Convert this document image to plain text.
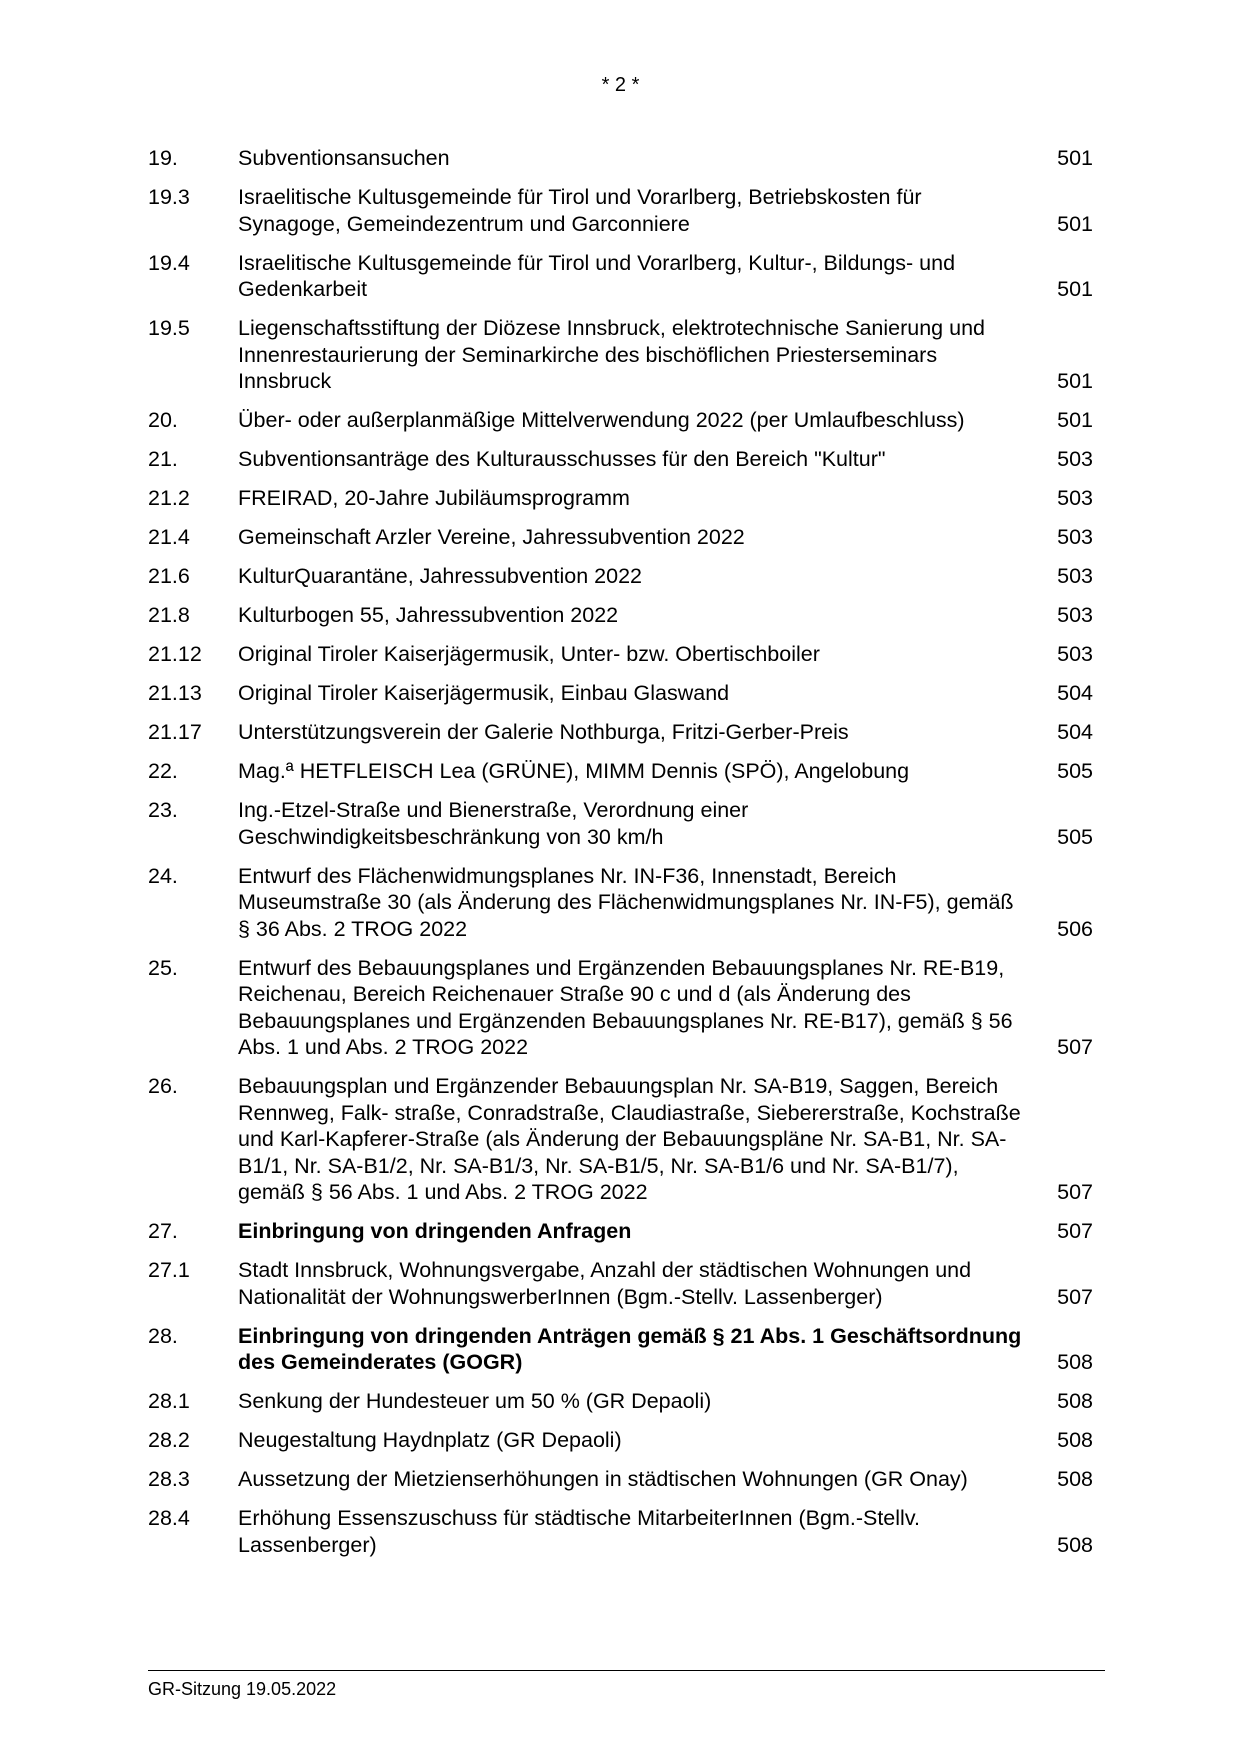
* 2 *
19.	Subventionsansuchen	501
19.3	Israelitische Kultusgemeinde für Tirol und Vorarlberg, Betriebskosten für Synagoge, Gemeindezentrum und Garconniere	501
19.4	Israelitische Kultusgemeinde für Tirol und Vorarlberg, Kultur-, Bildungs- und Gedenkarbeit	501
19.5	Liegenschaftsstiftung der Diözese Innsbruck, elektrotechnische Sanierung und Innenrestaurierung der Seminarkirche des bischöflichen Priesterseminars Innsbruck	501
20.	Über- oder außerplanmäßige Mittelverwendung 2022 (per Umlaufbeschluss)	501
21.	Subventionsanträge des Kulturausschusses für den Bereich "Kultur"	503
21.2	FREIRAD, 20-Jahre Jubiläumsprogramm	503
21.4	Gemeinschaft Arzler Vereine, Jahressubvention 2022	503
21.6	KulturQuarantäne, Jahressubvention 2022	503
21.8	Kulturbogen 55, Jahressubvention 2022	503
21.12	Original Tiroler Kaiserjägermusik, Unter- bzw. Obertischboiler	503
21.13	Original Tiroler Kaiserjägermusik, Einbau Glaswand	504
21.17	Unterstützungsverein der Galerie Nothburga, Fritzi-Gerber-Preis	504
22.	Mag.ª HETFLEISCH Lea (GRÜNE), MIMM Dennis (SPÖ), Angelobung	505
23.	Ing.-Etzel-Straße und Bienerstraße, Verordnung einer Geschwindigkeitsbeschränkung von 30 km/h	505
24.	Entwurf des Flächenwidmungsplanes Nr. IN-F36, Innenstadt, Bereich Museumstraße 30 (als Änderung des Flächenwidmungsplanes Nr. IN-F5), gemäß § 36 Abs. 2 TROG 2022	506
25.	Entwurf des Bebauungsplanes und Ergänzenden Bebauungsplanes Nr. RE-B19, Reichenau, Bereich Reichenauer Straße 90 c und d (als Änderung des Bebauungsplanes und Ergänzenden Bebauungsplanes Nr. RE-B17), gemäß § 56 Abs. 1 und Abs. 2 TROG 2022	507
26.	Bebauungsplan und Ergänzender Bebauungsplan Nr. SA-B19, Saggen, Bereich Rennweg, Falk- straße, Conradstraße, Claudiastraße, Siebererstraße, Kochstraße und Karl-Kapferer-Straße (als Änderung der Bebauungspläne Nr. SA-B1, Nr. SA-B1/1, Nr. SA-B1/2, Nr. SA-B1/3, Nr. SA-B1/5, Nr. SA-B1/6 und Nr. SA-B1/7), gemäß § 56 Abs. 1 und Abs. 2 TROG 2022	507
27.	Einbringung von dringenden Anfragen	507
27.1	Stadt Innsbruck, Wohnungsvergabe, Anzahl der städtischen Wohnungen und Nationalität der WohnungswerberInnen (Bgm.-Stellv. Lassenberger)	507
28.	Einbringung von dringenden Anträgen gemäß § 21 Abs. 1 Geschäftsordnung des Gemeinderates (GOGR)	508
28.1	Senkung der Hundesteuer um 50 % (GR Depaoli)	508
28.2	Neugestaltung Haydnplatz (GR Depaoli)	508
28.3	Aussetzung der Mietzienserhöhungen in städtischen Wohnungen (GR Onay)	508
28.4	Erhöhung Essenszuschuss für städtische MitarbeiterInnen (Bgm.-Stellv. Lassenberger)	508
GR-Sitzung 19.05.2022
